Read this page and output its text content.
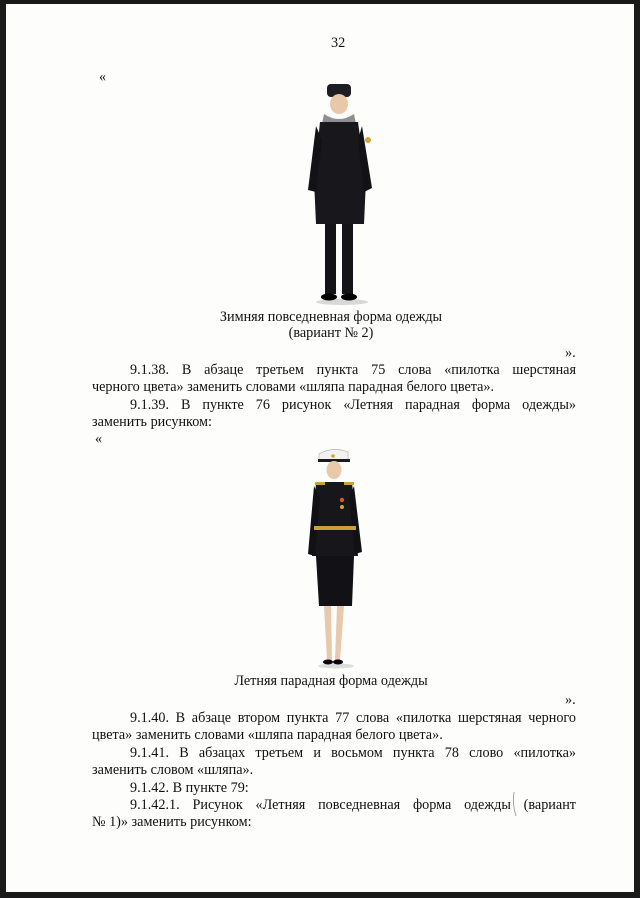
32
«
Зимняя повседневная форма одежды
(вариант № 2)
».
9.1.38. В абзаце третьем пункта 75 слова «пилотка шерстяная
черного цвета» заменить словами «шляпа парадная белого цвета».
9.1.39. В пункте 76 рисунок «Летняя парадная форма одежды»
заменить рисунком:
«
Летняя парадная форма одежды
».
9.1.40. В абзаце втором пункта 77 слова «пилотка шерстяная черного
цвета» заменить словами «шляпа парадная белого цвета».
9.1.41. В абзацах третьем и восьмом пункта 78 слово «пилотка»
заменить словом «шляпа».
9.1.42. В пункте 79:
9.1.42.1. Рисунок «Летняя повседневная форма одежды (вариант
№ 1)» заменить рисунком:
